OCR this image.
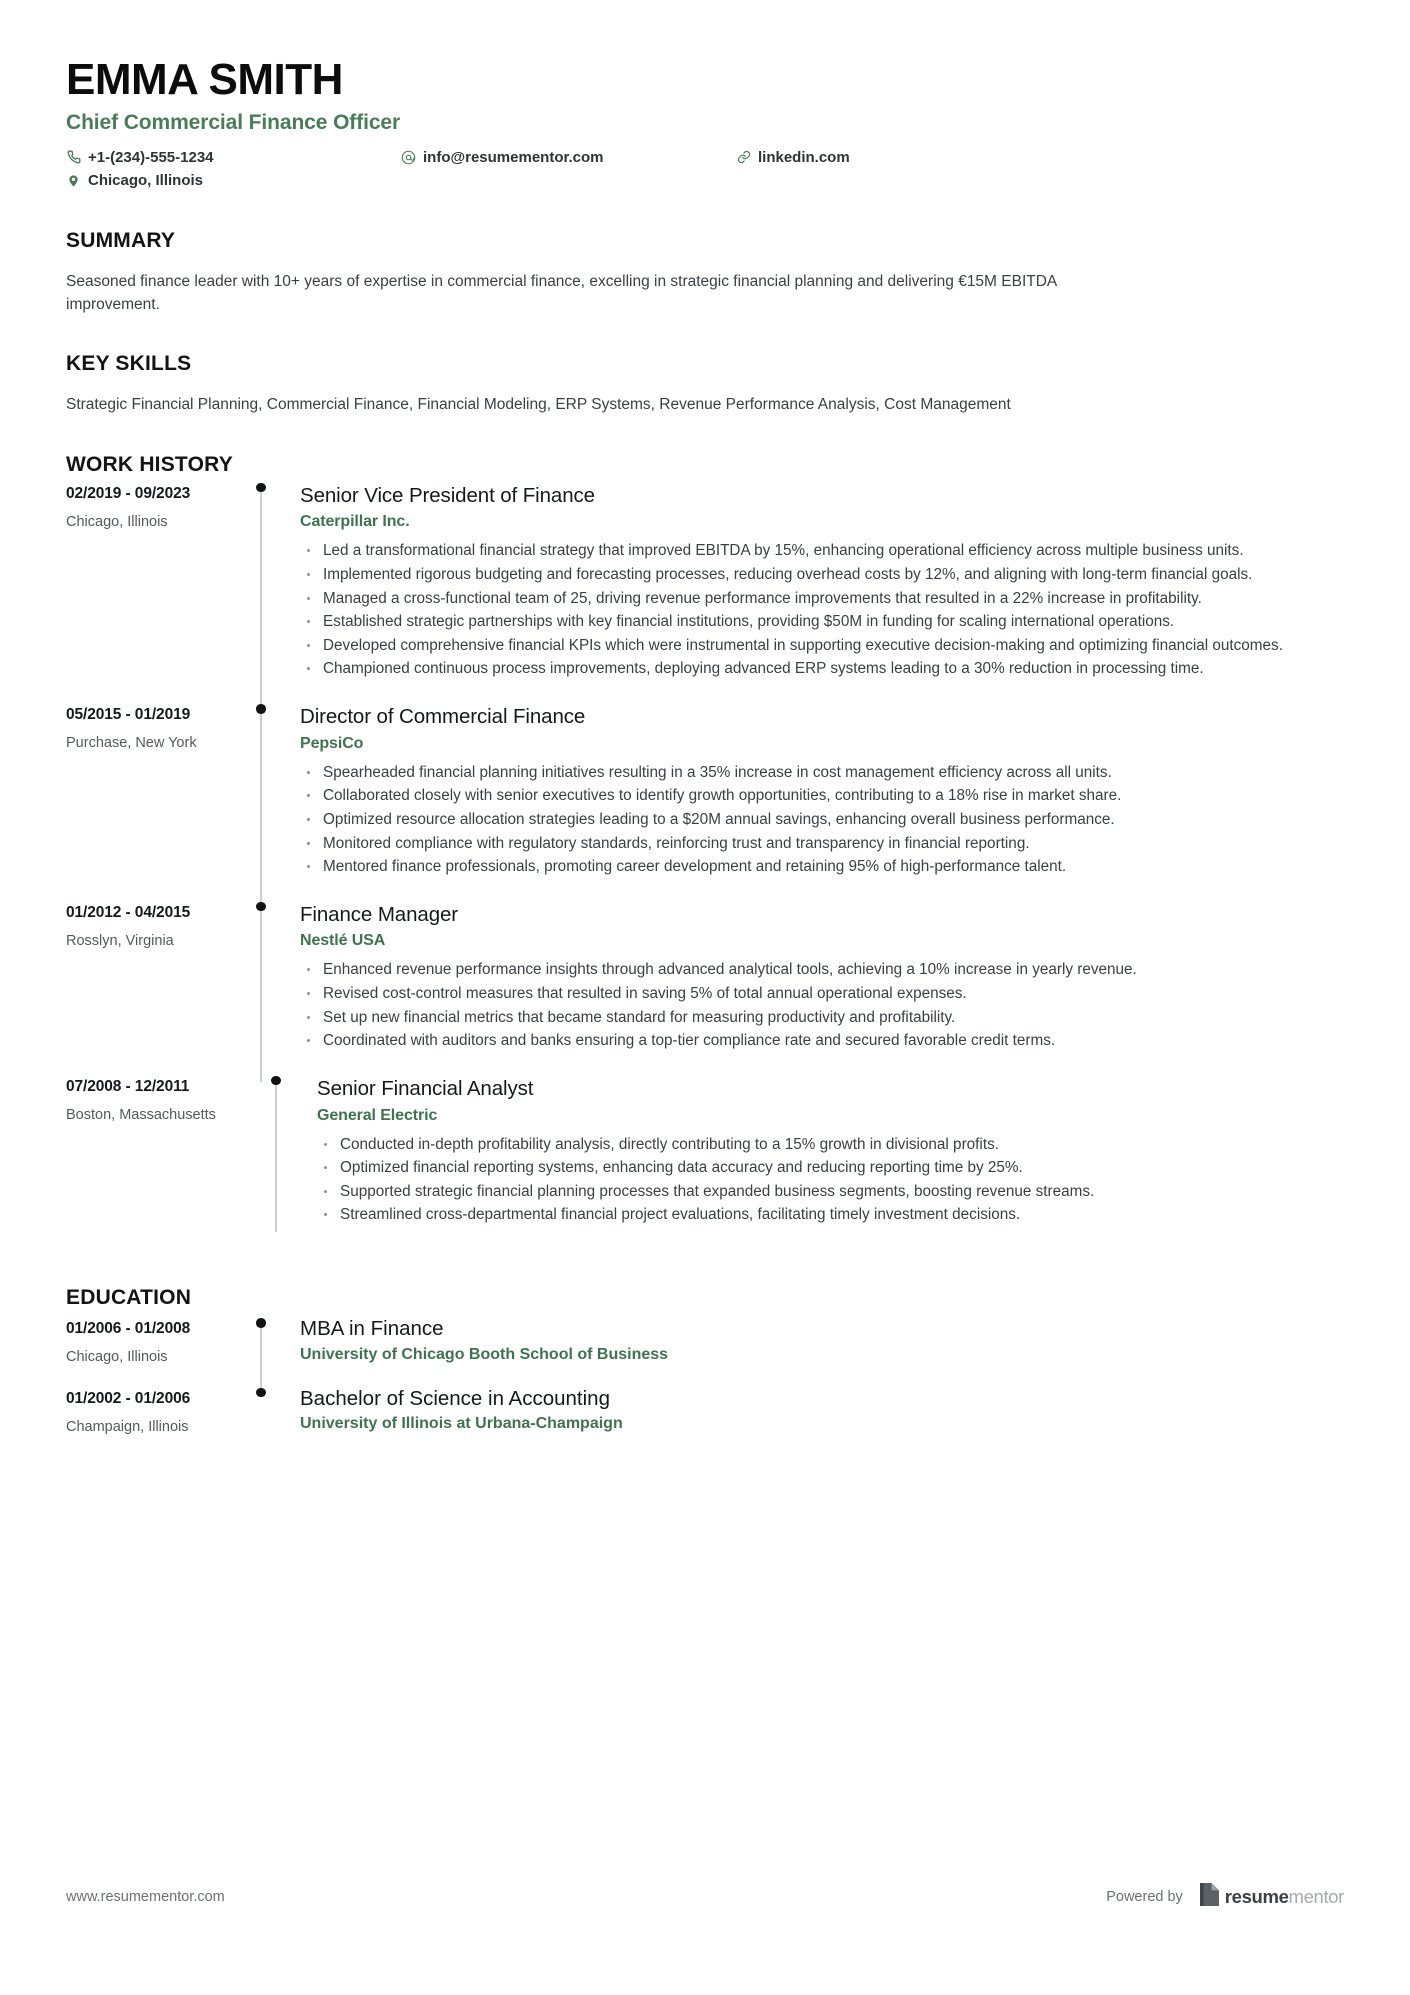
EMMA SMITH
Chief Commercial Finance Officer
+1-(234)-555-1234
Chicago, Illinois
info@resumementor.com	linkedin.com
SUMMARY
Seasoned finance leader with 10+ years of expertise in commercial finance, excelling in strategic financial planning and delivering €15M EBITDA improvement.
KEY SKILLS
Strategic Financial Planning, Commercial Finance, Financial Modeling, ERP Systems, Revenue Performance Analysis, Cost Management
WORK HISTORY
02/2019 - 09/2023
Chicago, Illinois
Senior Vice President of Finance
Caterpillar Inc.
Led a transformational financial strategy that improved EBITDA by 15%, enhancing operational efficiency across multiple business units.
Implemented rigorous budgeting and forecasting processes, reducing overhead costs by 12%, and aligning with long-term financial goals.
Managed a cross-functional team of 25, driving revenue performance improvements that resulted in a 22% increase in profitability.
Established strategic partnerships with key financial institutions, providing $50M in funding for scaling international operations.
Developed comprehensive financial KPIs which were instrumental in supporting executive decision-making and optimizing financial outcomes.
Championed continuous process improvements, deploying advanced ERP systems leading to a 30% reduction in processing time.
05/2015 - 01/2019
Purchase, New York
Director of Commercial Finance
PepsiCo
Spearheaded financial planning initiatives resulting in a 35% increase in cost management efficiency across all units.
Collaborated closely with senior executives to identify growth opportunities, contributing to a 18% rise in market share.
Optimized resource allocation strategies leading to a $20M annual savings, enhancing overall business performance.
Monitored compliance with regulatory standards, reinforcing trust and transparency in financial reporting.
Mentored finance professionals, promoting career development and retaining 95% of high-performance talent.
01/2012 - 04/2015
Rosslyn, Virginia
Finance Manager
Nestlé USA
Enhanced revenue performance insights through advanced analytical tools, achieving a 10% increase in yearly revenue.
Revised cost-control measures that resulted in saving 5% of total annual operational expenses.
Set up new financial metrics that became standard for measuring productivity and profitability.
Coordinated with auditors and banks ensuring a top-tier compliance rate and secured favorable credit terms.
07/2008 - 12/2011
Boston, Massachusetts
Senior Financial Analyst
General Electric
Conducted in-depth profitability analysis, directly contributing to a 15% growth in divisional profits.
Optimized financial reporting systems, enhancing data accuracy and reducing reporting time by 25%.
Supported strategic financial planning processes that expanded business segments, boosting revenue streams.
Streamlined cross-departmental financial project evaluations, facilitating timely investment decisions.
EDUCATION
01/2006 - 01/2008
Chicago, Illinois
MBA in Finance
University of Chicago Booth School of Business
01/2002 - 01/2006
Champaign, Illinois
Bachelor of Science in Accounting
University of Illinois at Urbana-Champaign
www.resumementor.com	Powered by resumementor
